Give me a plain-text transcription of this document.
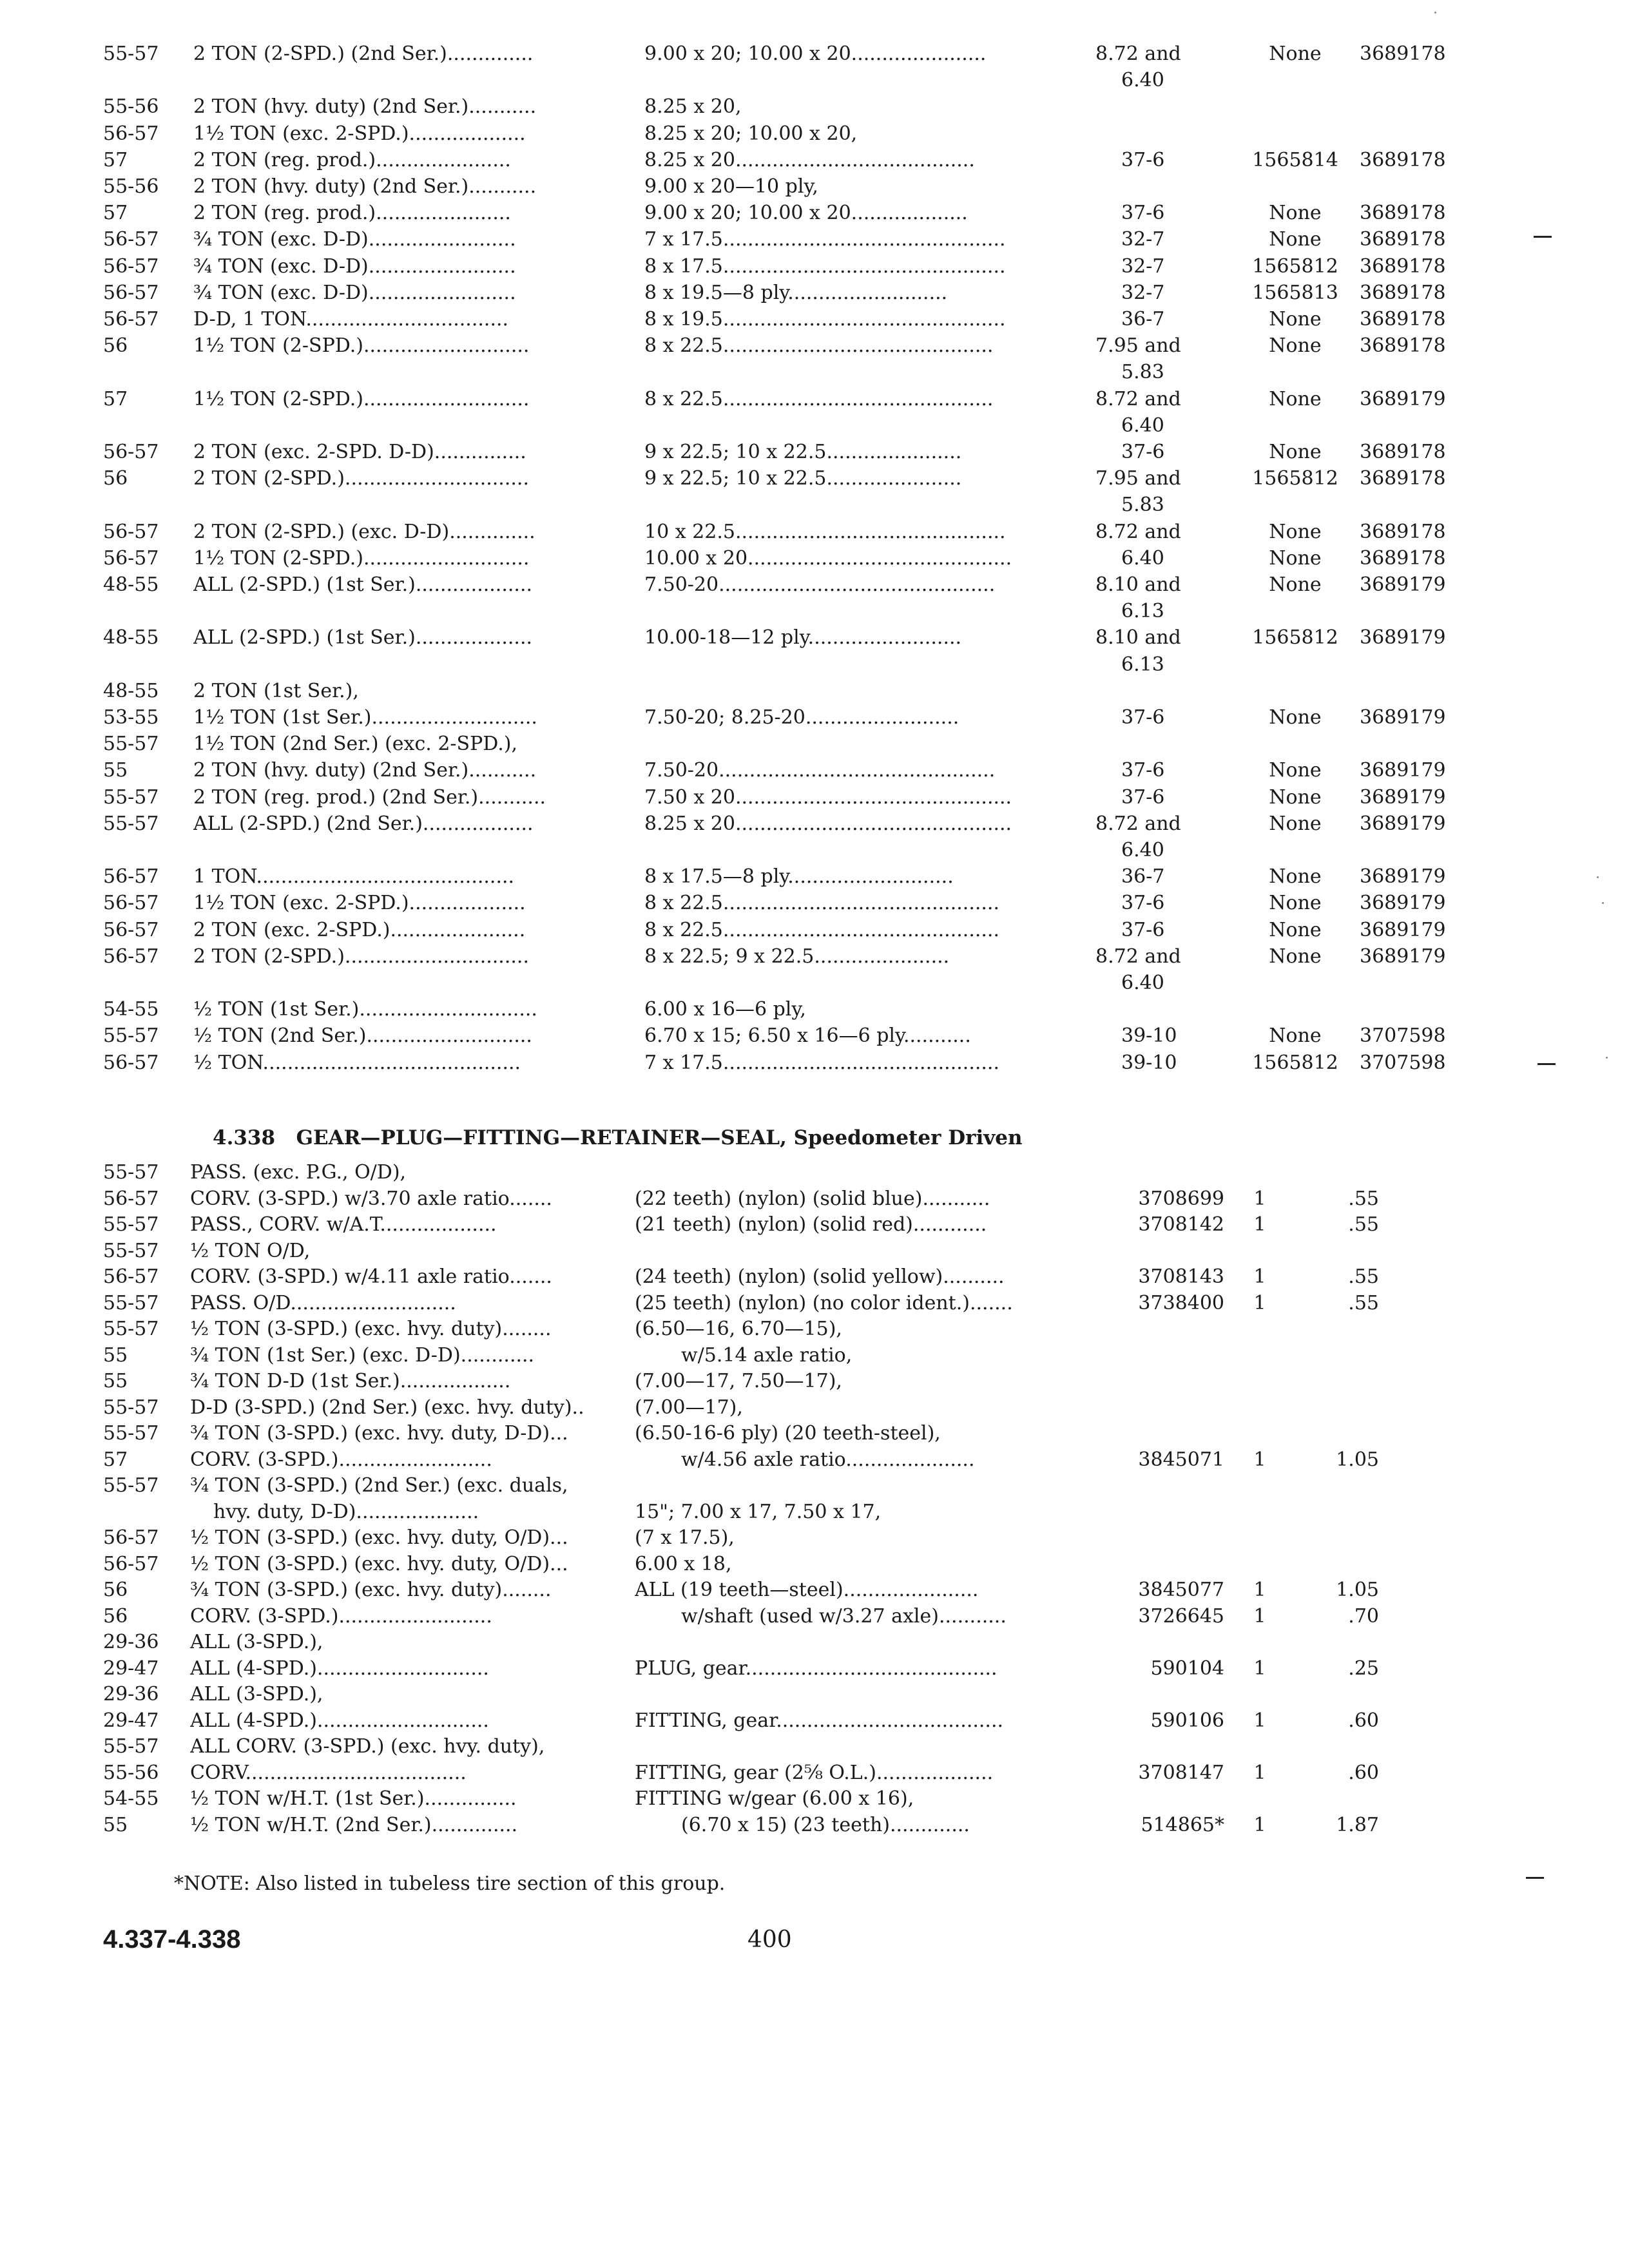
55-57	2 TON (2-SPD.) (2nd Ser.)..............	9.00 x 20; 10.00 x 20......................	8.72 and	None	3689178
6.40
55-56	2 TON (hvy. duty) (2nd Ser.)...........	8.25 x 20,
56-57	1½ TON (exc. 2-SPD.)...................	8.25 x 20; 10.00 x 20,
57	2 TON (reg. prod.)......................	8.25 x 20.......................................	37-6	1565814	3689178
55-56	2 TON (hvy. duty) (2nd Ser.)...........	9.00 x 20—10 ply,
57	2 TON (reg. prod.)......................	9.00 x 20; 10.00 x 20...................	37-6	None	3689178
56-57	¾ TON (exc. D-D)........................	7 x 17.5..............................................	32-7	None	3689178
56-57	¾ TON (exc. D-D)........................	8 x 17.5..............................................	32-7	1565812	3689178
56-57	¾ TON (exc. D-D)........................	8 x 19.5—8 ply..........................	32-7	1565813	3689178
56-57	D-D, 1 TON.................................	8 x 19.5..............................................	36-7	None	3689178
56	1½ TON (2-SPD.)...........................	8 x 22.5............................................	7.95 and	None	3689178
5.83
57	1½ TON (2-SPD.)...........................	8 x 22.5............................................	8.72 and	None	3689179
6.40
56-57	2 TON (exc. 2-SPD. D-D)...............	9 x 22.5; 10 x 22.5......................	37-6	None	3689178
56	2 TON (2-SPD.)..............................	9 x 22.5; 10 x 22.5......................	7.95 and	1565812	3689178
5.83
56-57	2 TON (2-SPD.) (exc. D-D)..............	10 x 22.5............................................	8.72 and	None	3689178
56-57	1½ TON (2-SPD.)...........................	10.00 x 20...........................................	6.40	None	3689178
48-55	ALL (2-SPD.) (1st Ser.)...................	7.50-20.............................................	8.10 and	None	3689179
6.13
48-55	ALL (2-SPD.) (1st Ser.)...................	10.00-18—12 ply.........................	8.10 and	1565812	3689179
6.13
48-55	2 TON (1st Ser.),
53-55	1½ TON (1st Ser.)...........................	7.50-20; 8.25-20.........................	37-6	None	3689179
55-57	1½ TON (2nd Ser.) (exc. 2-SPD.),
55	2 TON (hvy. duty) (2nd Ser.)...........	7.50-20.............................................	37-6	None	3689179
55-57	2 TON (reg. prod.) (2nd Ser.)...........	7.50 x 20.............................................	37-6	None	3689179
55-57	ALL (2-SPD.) (2nd Ser.)..................	8.25 x 20.............................................	8.72 and	None	3689179
6.40
56-57	1 TON..........................................	8 x 17.5—8 ply...........................	36-7	None	3689179
56-57	1½ TON (exc. 2-SPD.)...................	8 x 22.5.............................................	37-6	None	3689179
56-57	2 TON (exc. 2-SPD.)......................	8 x 22.5.............................................	37-6	None	3689179
56-57	2 TON (2-SPD.)..............................	8 x 22.5; 9 x 22.5......................	8.72 and	None	3689179
6.40
54-55	½ TON (1st Ser.).............................	6.00 x 16—6 ply,
55-57	½ TON (2nd Ser.)...........................	6.70 x 15; 6.50 x 16—6 ply...........	39-10	None	3707598
56-57	½ TON..........................................	7 x 17.5.............................................	39-10	1565812	3707598
4.338 GEAR—PLUG—FITTING—RETAINER—SEAL, Speedometer Driven
55-57	PASS. (exc. P.G., O/D),
56-57	CORV. (3-SPD.) w/3.70 axle ratio.......	(22 teeth) (nylon) (solid blue)...........	3708699	1	.55
55-57	PASS., CORV. w/A.T...................	(21 teeth) (nylon) (solid red)............	3708142	1	.55
55-57	½ TON O/D,
56-57	CORV. (3-SPD.) w/4.11 axle ratio.......	(24 teeth) (nylon) (solid yellow)..........	3708143	1	.55
55-57	PASS. O/D...........................	(25 teeth) (nylon) (no color ident.).......	3738400	1	.55
55-57	½ TON (3-SPD.) (exc. hvy. duty)........	(6.50—16, 6.70—15),
55	¾ TON (1st Ser.) (exc. D-D)............	w/5.14 axle ratio,
55	¾ TON D-D (1st Ser.)..................	(7.00—17, 7.50—17),
55-57	D-D (3-SPD.) (2nd Ser.) (exc. hvy. duty)..	(7.00—17),
55-57	¾ TON (3-SPD.) (exc. hvy. duty, D-D)...	(6.50-16-6 ply) (20 teeth-steel),
57	CORV. (3-SPD.).........................	w/4.56 axle ratio.....................	3845071	1	1.05
55-57	¾ TON (3-SPD.) (2nd Ser.) (exc. duals,
hvy. duty, D-D)....................	15"; 7.00 x 17, 7.50 x 17,
56-57	½ TON (3-SPD.) (exc. hvy. duty, O/D)...	(7 x 17.5),
56-57	½ TON (3-SPD.) (exc. hvy. duty, O/D)...	6.00 x 18,
56	¾ TON (3-SPD.) (exc. hvy. duty)........	ALL (19 teeth—steel)......................	3845077	1	1.05
56	CORV. (3-SPD.).........................	w/shaft (used w/3.27 axle)...........	3726645	1	.70
29-36	ALL (3-SPD.),
29-47	ALL (4-SPD.)............................	PLUG, gear.........................................	590104	1	.25
29-36	ALL (3-SPD.),
29-47	ALL (4-SPD.)............................	FITTING, gear.....................................	590106	1	.60
55-57	ALL CORV. (3-SPD.) (exc. hvy. duty),
55-56	CORV....................................	FITTING, gear (2⅝ O.L.)...................	3708147	1	.60
54-55	½ TON w/H.T. (1st Ser.)...............	FITTING w/gear (6.00 x 16),
55	½ TON w/H.T. (2nd Ser.)..............	(6.70 x 15) (23 teeth).............	514865*	1	1.87
*NOTE: Also listed in tubeless tire section of this group.
4.337-4.338	400
